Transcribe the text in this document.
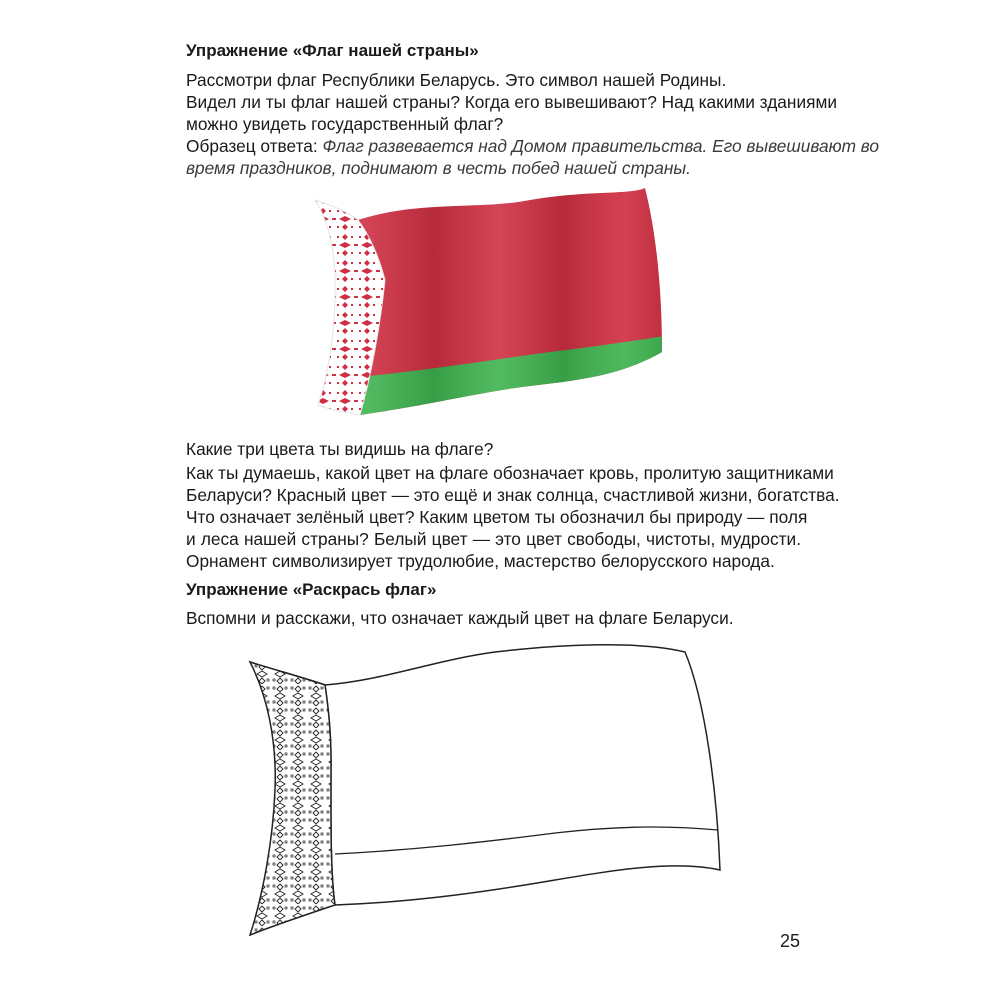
Упражнение «Флаг нашей страны»
Рассмотри флаг Республики Беларусь. Это символ нашей Родины.
Видел ли ты флаг нашей страны? Когда его вывешивают? Над какими зданиями
можно увидеть государственный флаг?
Образец ответа: Флаг развевается над Домом правительства. Его вывешивают во
время праздников, поднимают в честь побед нашей страны.
Какие три цвета ты видишь на флаге?
Как ты думаешь, какой цвет на флаге обозначает кровь, пролитую защитниками
Беларуси? Красный цвет — это ещё и знак солнца, счастливой жизни, богатства.
Что означает зелёный цвет? Каким цветом ты обозначил бы природу — поля
и леса нашей страны? Белый цвет — это цвет свободы, чистоты, мудрости.
Орнамент символизирует трудолюбие, мастерство белорусского народа.
Упражнение «Раскрась флаг»
Вспомни и расскажи, что означает каждый цвет на флаге Беларуси.

25
